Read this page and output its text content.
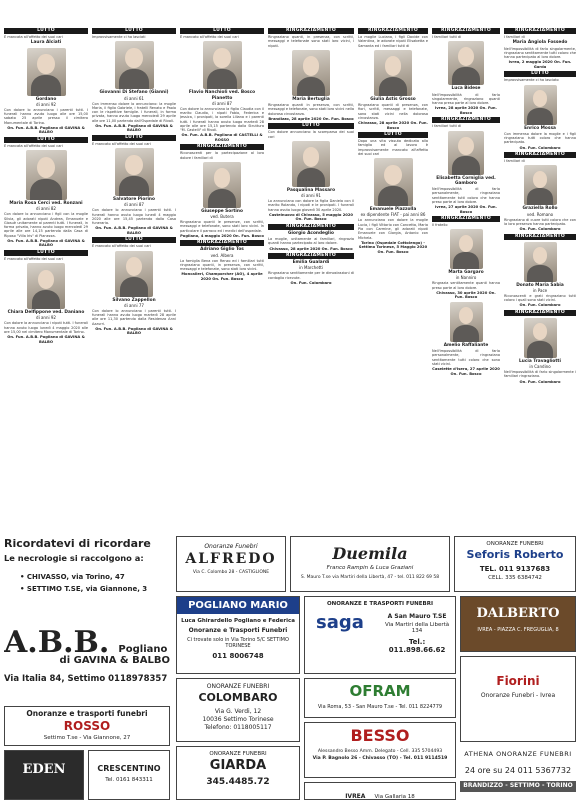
LUTTO
È mancata all'affetto dei suoi cari
Laura Alciati
Gordano
di anni 92
Con dolore lo annunciano i parenti tutti. I funerali hanno avuto luogo alle ore 15,00 sabato 25 aprile presso il cimitero Monumentale di Torino.
On. Fun. A.B.B. Pogliano di GAVINA & BALBO
LUTTO
È mancata all'affetto dei suoi cari
Maria Rosa Cerci ved. Ronzani
di anni 82
Con dolore lo annunciano i figli con la moglie Silvia, gli adorati nipoti Andrea, Emanuele e Giosuè unitamente ai parenti tutti. I funerali, in forma privata, hanno avuto luogo mercoledì 29 aprile alle ore 14,15 partendo dalla Casa di Riposo "Villa Iris" di Pianezza.
On. Fun. A.B.B. Pogliano di GAVINA & BALBO
LUTTO
È mancato all'affetto dei suoi cari
Chiara Delfippone ved. Daniano
di anni 92
Con dolore la annunciano i nipoti tutti. I funerali hanno avuto luogo lunedì 4 maggio 2020 alle ore 15,00 nel cimitero Monumentale di Torino.
On. Fun. A.B.B. Pogliano di GAVINA & BALBO
LUTTO
Improvvisamente ci ha lasciati
Giovanni Di Stefano (Gianni)
di anni 61
Con immenso dolore lo annunciano: la moglie Maria, il figlio Gabriele, i fratelli Renato e Paolo con le rispettive famiglie. I funerali, in forma privata, hanno avuto luogo mercoledì 29 aprile alle ore 11,00 partendo dall'Ospedale di Rivoli.
On. Fun. A.B.B. Pogliano di GAVINA & BALBO
LUTTO
È mancato all'affetto dei suoi cari
Salvatore Piorino
di anni 87
Con dolore lo annunciano i parenti tutti. I funerali hanno avuto luogo lunedì 4 maggio 2020 alle ore 15,45 partendo dalla Casa funeraria.
On. Fun. A.B.B. Pogliano di GAVINA & BALBO
LUTTO
È mancato all'affetto dei suoi cari
Silvano Zappellon
di anni 77
Con dolore lo annunciano i parenti tutti. I funerali hanno avuto luogo martedì 28 aprile alle ore 11,30 partendo dalla Residenza Anni Azzurri.
On. Fun. A.B.B. Pogliano di GAVINA & BALBO
LUTTO
È mancato all'affetto dei suoi cari
Flavio Nanchioli ved. Bosco Pianetto
di anni 87
Con dolore lo annunciano la figlia Claudia con il marito Claudio, i nipoti Fabio, Federica e Jessica, i pronipoti, la sorella Liliana e i parenti tutti. I funerali hanno avuto luogo martedì 28 aprile alle ore 15,15 partendo dalla Struttura "M. Castelli" di Rivoli.
On. Fun. A.B.B. Pogliano di CASTELLI & ROSSO
RINGRAZIAMENTO
Riconoscenti per la partecipazione al loro dolore i familiari di
Giuseppe Sortino
ved. Butera
Ringraziano quanti le presenze, con scritti, messaggi e telefonate, sono stati loro vicini. In particolare il parroco ed i medici dell'ospedale.
Pogliano, 4 maggio 2020 On. Fun. Bosco
RINGRAZIAMENTO
Adriano Giglio Tos
ved. Albera
La famiglia Bena con Renzo ed i familiari tutti ringraziano quanti, in presenza, con scritti, messaggi e telefonate, sono stati loro vicini.
Moncalieri, Champorcher (AO), 4 aprile 2020 On. Fun. Bosco
RINGRAZIAMENTO
Ringraziano quanti, in presenza, con scritti, messaggi e telefonate sono stati loro vicini, i nipoti.
Maria Bertuglia
Ringraziano quanti in presenza, con scritti, messaggi e telefonate, sono stati loro vicini nella dolorosa circostanza.
Brandizzo, 28 aprile 2020 On. Fun. Bosco
LUTTO
Con dolore annunciano la scomparsa dei suoi cari
Pasqualina Massaro
di anni 91
Lo annunciano con dolore la figlia Daniela con il marito Rolando, i nipoti e le pronipoti. I funerali hanno avuto luogo giovedì 30 aprile 2020.
Castelnuovo di Chivasso, 5 maggio 2020 On. Fun. Bosco
RINGRAZIAMENTO
Giorgio Acondeglio
La moglie, unitamente ai familiari, ringrazia quanti hanno partecipato al loro dolore.
Chivasso, 28 aprile 2020 On. Fun. Bosco
RINGRAZIAMENTO
Emilia Gualardi
in Marchetti
Ringraziano sentitamente per le dimostrazioni di cordoglio ricevute.
On. Fun. Colombaro
RINGRAZIAMENTO
La moglie Luciana, i figli Davide con Valentina, le adorate nipoti Elisabetta e Samanta ed i familiari tutti di
Giulia Astis Grosso
Ringraziano quanti di presenza, con fiori, scritti, messaggi e telefonate, sono stati vicini nella dolorosa circostanza.
Chivasso, 28 aprile 2020 On. Fun. Bosco
LUTTO
Dopo una vita vissuta dedicata alla famiglia ed al lavoro è improvvisamente mancato all'affetto dei suoi cari
Emanuele Piazzolla
ex dipendente FIAT - pai anni 86
Lo annunciano con dolore la moglie Lucia, i figli Vittorio con Concetta, Maria Pia con Carmine, gli adorati nipoti Emanuele con Giorgia, Antonio con Michela.
Torino (Ospedale Cottolengo) - Settimo Torinese, 5 Maggio 2020 On. Fun. Bosco
RINGRAZIAMENTO
I familiari tutti di
Luca Bidese
Nell'impossibilità di farlo singolarmente, ringraziano quanti hanno preso parte al loro dolore.
Ivrea, 28 aprile 2020 On. Fun. Bosco
RINGRAZIAMENTO
I familiari tutti di
Elisabetta Corniglia ved. Gamboro
Nell'impossibilità di farlo personalmente, ringraziano sentitamente tutti coloro che hanno preso parte al loro dolore.
Ivrea, 27 aprile 2020 On. Fun. Bosco
RINGRAZIAMENTO
Il fratello
Marta Gargaro
in Nanniro
Ringrazia sentitamente quanti hanno preso parte al loro dolore.
Chivasso, 30 aprile 2020 On. Fun. Bosco
Amelio Raffaliante
Nell'impossibilità di farlo personalmente, ringraziano sentitamente tutti coloro che sono stati vicini.
Caselette d'Isera, 27 aprile 2020 On. Fun. Bosco
RINGRAZIAMENTO
I familiari di
Maria Angiola Fossedo
Nell'impossibilità di farlo singolarmente, ringraziano sentitamente tutti coloro che hanno partecipato al loro dolore.
Ivrea, 2 maggio 2020 On. Fun. Garda
LUTTO
Improvvisamente ci ha lasciato
Enrico Mossa
Con immenso dolore la moglie e i figli ringraziano tutti coloro che hanno partecipato.
On. Fun. Colombaro
RINGRAZIAMENTO
I familiari di
Graziella Rollo
ved. Romano
Ringraziano di cuore tutti coloro che con la loro presenza hanno partecipato.
On. Fun. Colombaro
RINGRAZIAMENTO
Donato Maria Sabia
in Pace
Riconoscenti e grati ringraziano tutti coloro i quali sono stati vicini.
On. Fun. Colombaro
RINGRAZIAMENTO
Lucia Travagliotti
in Candino
Nell'impossibilità di farlo singolarmente i familiari ringraziano.
On. Fun. Colombaro
Ricordatevi di ricordare
Le necrologie si raccolgono a:
• CHIVASSO, via Torino, 47
• SETTIMO T.SE, via Giannone, 3
A.B.B. Pogliano
di GAVINA & BALBO
Via Italia 84, Settimo 0118978357
Onoranze e trasporti funebri
ROSSO
Settimo T.se - Via Giannone, 27
EDEN	CRESCENTINO
Tel. 0161 843311
Onoranze Funebri
ALFREDO
Via C. Colombo 28 - CASTIGLIONE
Duemila
Franco Rampin & Luca Graziani
S. Mauro T.se via Martiri della Libertà, 47 - tel. 011 822 69 58
ONORANZE FUNEBRI
Seforis Roberto
TEL. 011 9137683
CELL. 335 6384742
POGLIANO MARIO
Luca Ghirardello Pogliano e Federica
Onoranze e Trasporti Funebri
Ci trovate solo in Via Torino 5/C SETTIMO TORINESE
011 8006748
ONORANZE E TRASPORTI FUNEBRI
saga	A San Mauro T.SE
Via Martiri della Libertà 134
Tel.: 011.898.66.62
DALBERTO
IVREA - PIAZZA C. FREGUGLIA, 8
ONORANZE FUNEBRI
COLOMBARO
Via G. Verdi, 12
10036 Settimo Torinese
Telefono: 0118005117
OFRAM
Via Roma, 53 - San Mauro T.se - Tel. 011 8224779
Fiorini
Onoranze Funebri - Ivrea
ONORANZE FUNEBRI
GIARDA
345.4485.72
BESSO
Alessandro Besso Amm. Delegato - Cell. 335 5704493
Via P. Bagnolo 26 - Chivasso (TO) - Tel. 011 9114519
IVREA Via Gallaria 18
ATHENA ONORANZE FUNEBRI
24 ore su 24 011 5367732
BRANDIZZO - SETTIMO - TORINO
